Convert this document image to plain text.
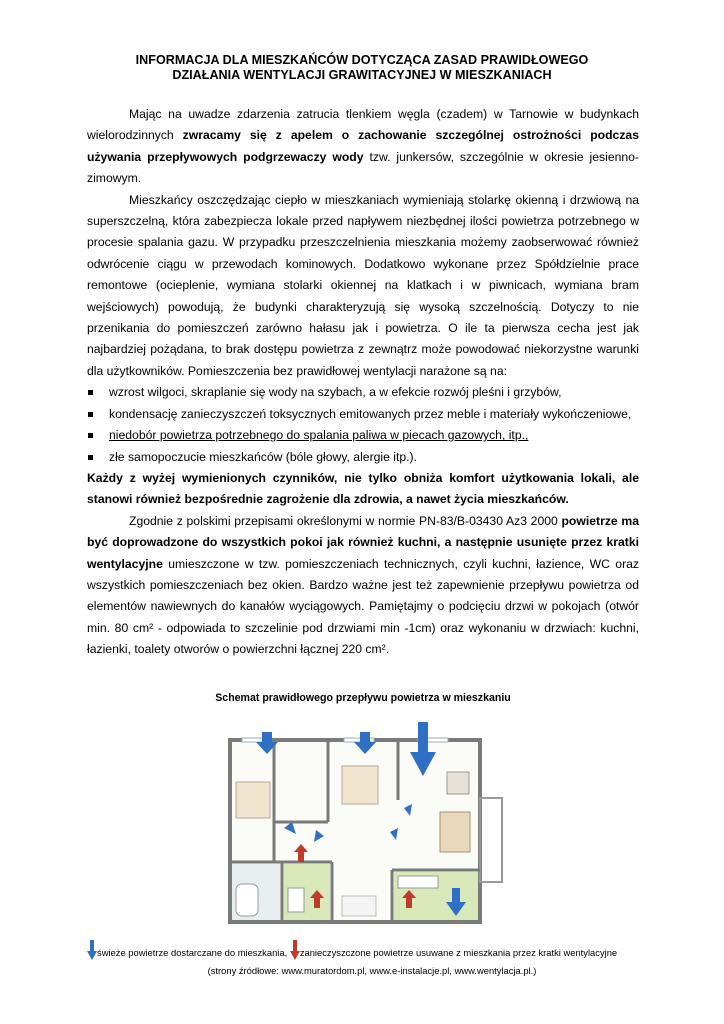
INFORMACJA DLA MIESZKAŃCÓW DOTYCZĄCA ZASAD PRAWIDŁOWEGO
DZIAŁANIA WENTYLACJI GRAWITACYJNEJ W MIESZKANIACH

Mając na uwadze zdarzenia zatrucia tlenkiem węgla (czadem) w Tarnowie w budynkach wielorodzinnych zwracamy się z apelem o zachowanie szczególnej ostrożności podczas używania przepływowych podgrzewaczy wody tzw. junkersów, szczególnie w okresie jesienno-zimowym.

Mieszkańcy oszczędzając ciepło w mieszkaniach wymieniają stolarkę okienną i drzwiową na superszczelną, która zabezpiecza lokale przed napływem niezbędnej ilości powietrza potrzebnego w procesie spalania gazu. W przypadku przeszczelnienia mieszkania możemy zaobserwować również odwrócenie ciągu w przewodach kominowych. Dodatkowo wykonane przez Spółdzielnie prace remontowe (ocieplenie, wymiana stolarki okiennej na klatkach i w piwnicach, wymiana bram wejściowych) powodują, że budynki charakteryzują się wysoką szczelnością. Dotyczy to nie przenikania do pomieszczeń zarówno hałasu jak i powietrza. O ile ta pierwsza cecha jest jak najbardziej pożądana, to brak dostępu powietrza z zewnątrz może powodować niekorzystne warunki dla użytkowników. Pomieszczenia bez prawidłowej wentylacji narażone są na:

wzrost wilgoci, skraplanie się wody na szybach, a w efekcie rozwój pleśni i grzybów,
kondensację zanieczyszczeń toksycznych emitowanych przez meble i materiały wykończeniowe,
niedobór powietrza potrzebnego do spalania paliwa w piecach gazowych, itp.,
złe samopoczucie mieszkańców (bóle głowy, alergie itp.).

Każdy z wyżej wymienionych czynników, nie tylko obniża komfort użytkowania lokali, ale stanowi również bezpośrednie zagrożenie dla zdrowia, a nawet życia mieszkańców.

Zgodnie z polskimi przepisami określonymi w normie PN-83/B-03430 Az3 2000 powietrze ma być doprowadzone do wszystkich pokoi jak również kuchni, a następnie usunięte przez kratki wentylacyjne umieszczone w tzw. pomieszczeniach technicznych, czyli kuchni, łazience, WC oraz wszystkich pomieszczeniach bez okien. Bardzo ważne jest też zapewnienie przepływu powietrza od elementów nawiewnych do kanałów wyciągowych. Pamiętajmy o podcięciu drzwi w pokojach (otwór min. 80 cm² - odpowiada to szczelinie pod drzwiami min -1cm) oraz wykonaniu w drzwiach: kuchni, łazienki, toalety otworów o powierzchni łącznej 220 cm².

Schemat prawidłowego przepływu powietrza w mieszkaniu
świeże powietrze dostarczane do mieszkania, zanieczyszczone powietrze usuwane z mieszkania przez kratki wentylacyjne
(strony źródłowe: www.muratordom.pl, www.e-instalacje.pl, www.wentylacja.pl.)
